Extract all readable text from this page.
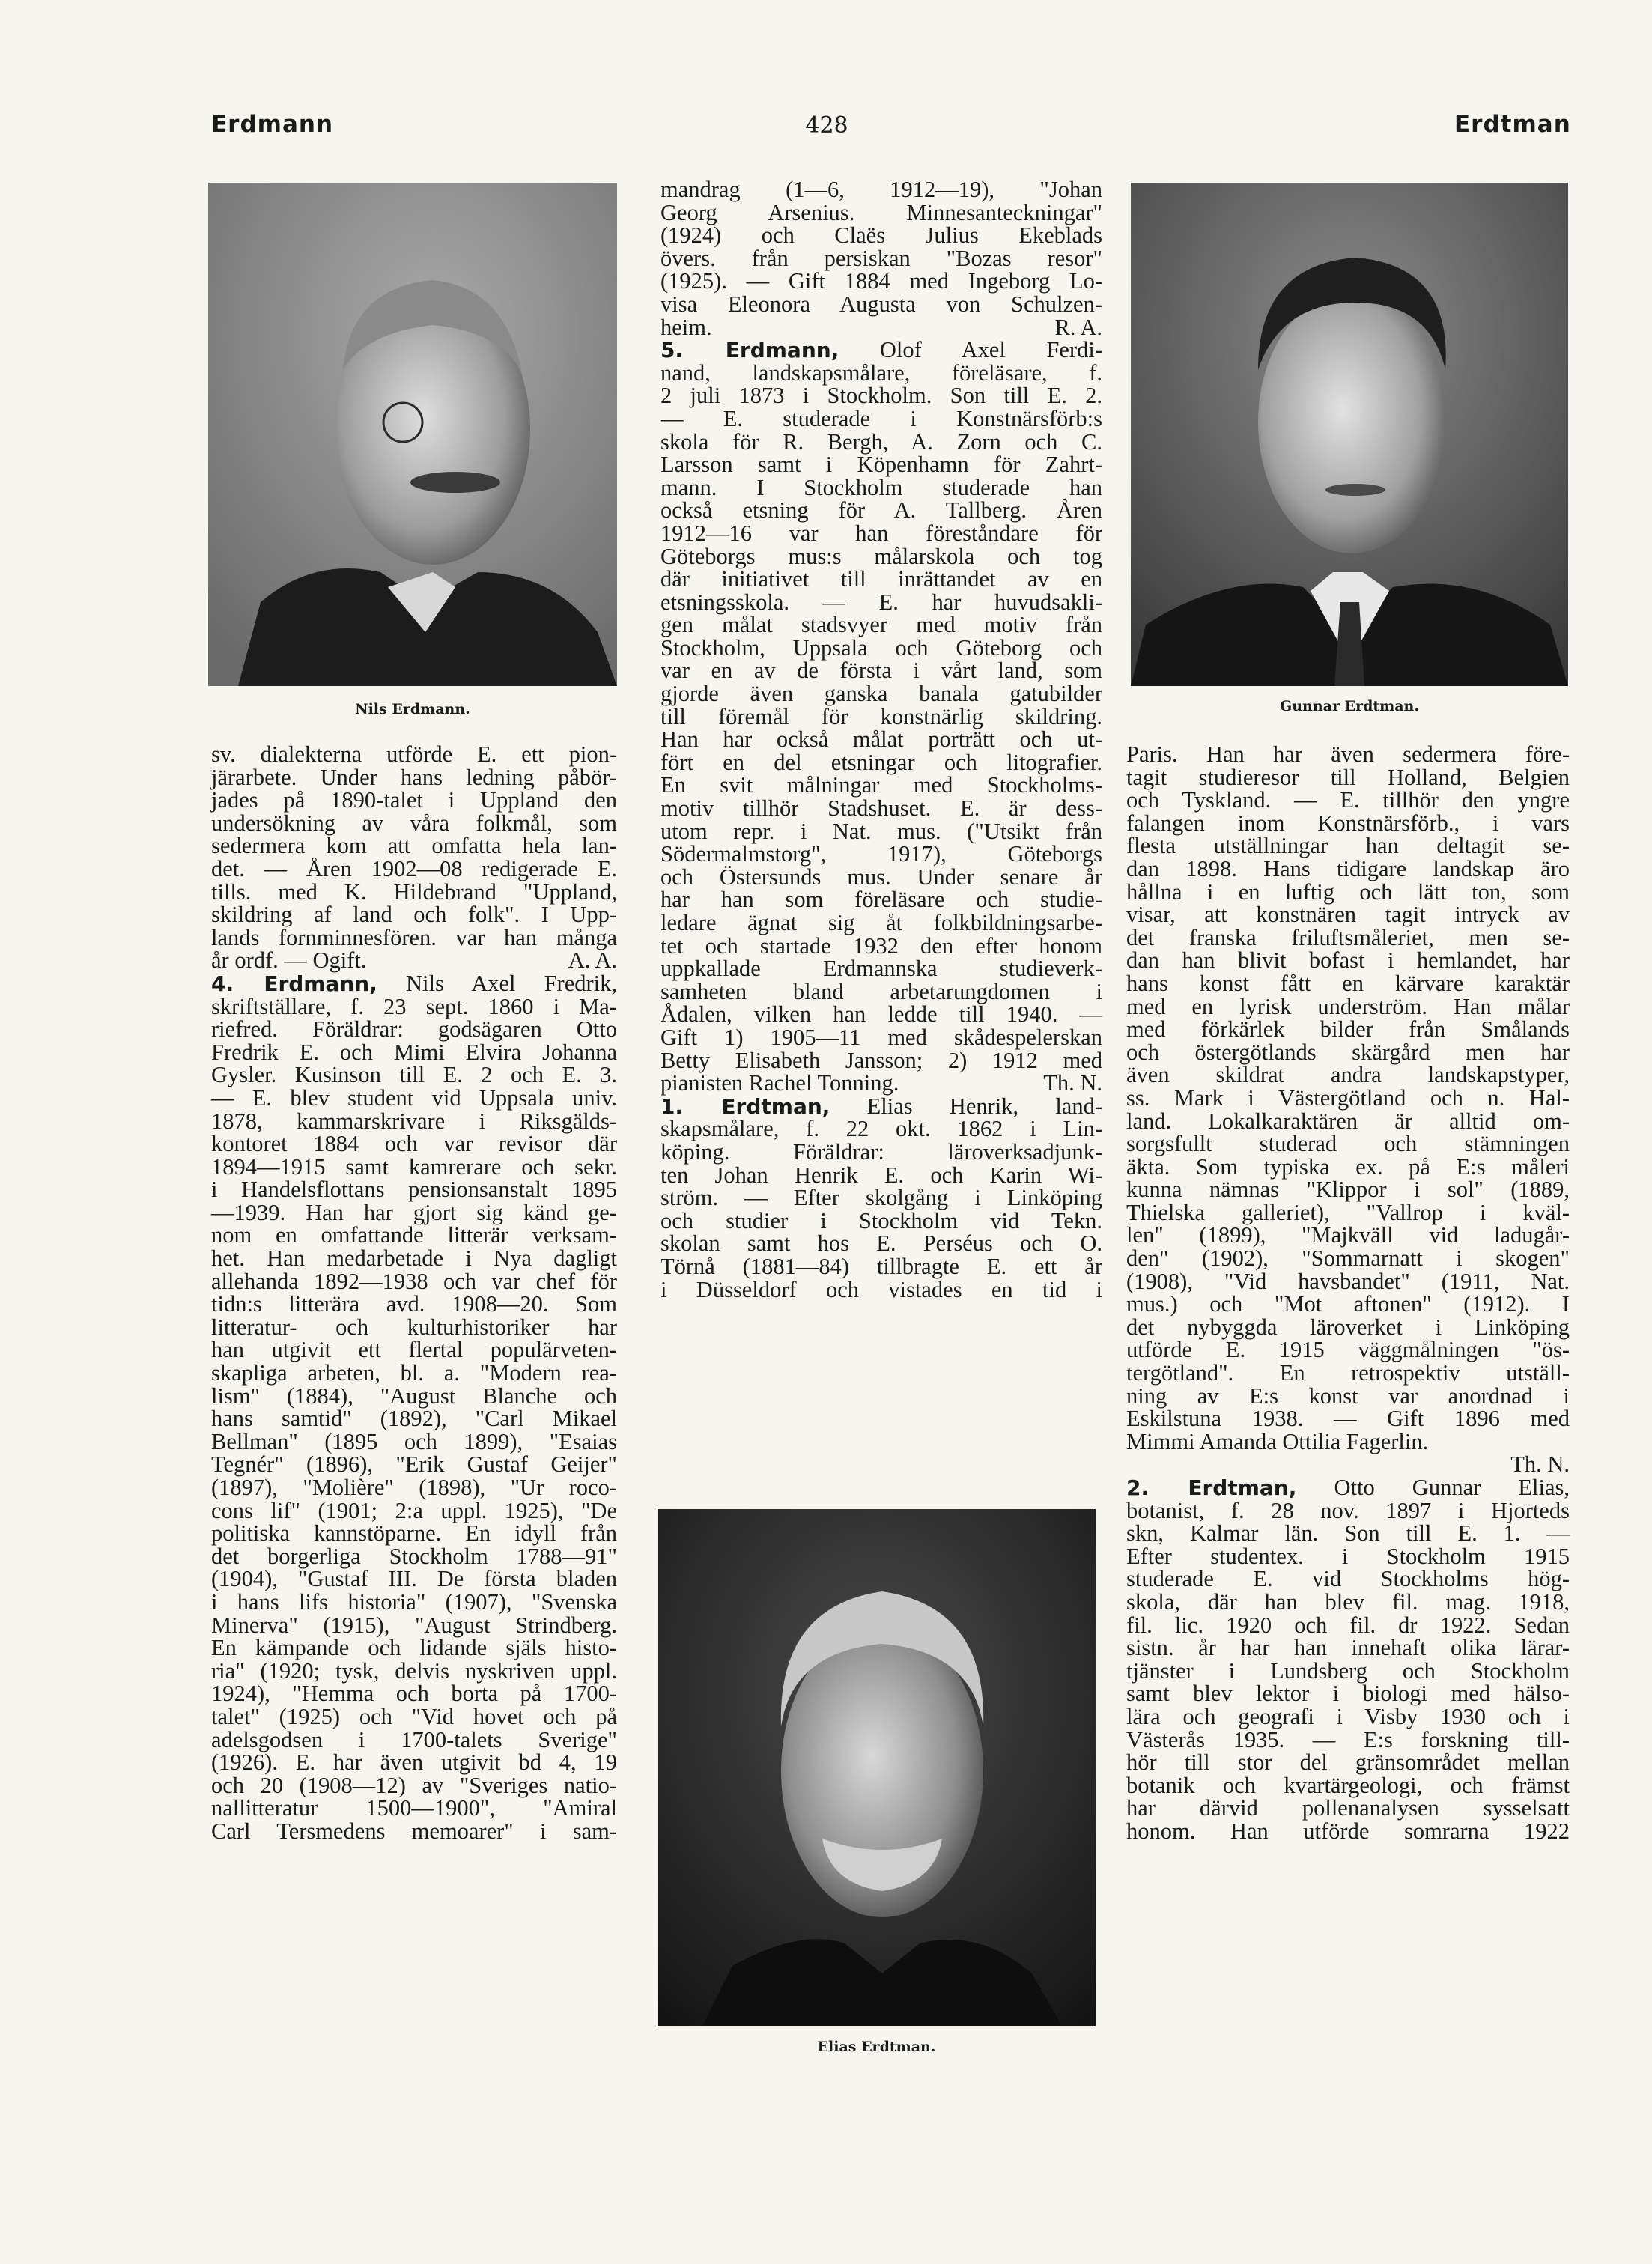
Erdmann	428	Erdtman
Nils Erdmann.	Gunnar Erdtman.
Elias Erdtman.
sv. dialekterna utförde E. ett pion-
järarbete. Under hans ledning påbör-
jades på 1890-talet i Uppland den
undersökning av våra folkmål, som
sedermera kom att omfatta hela lan-
det. — Åren 1902—08 redigerade E.
tills. med K. Hildebrand "Uppland,
skildring af land och folk". I Upp-
lands fornminnesfören. var han många
år ordf. — Ogift.	A. A.
4. Erdmann, Nils Axel Fredrik,
skriftställare, f. 23 sept. 1860 i Ma-
riefred. Föräldrar: godsägaren Otto
Fredrik E. och Mimi Elvira Johanna
Gysler. Kusinson till E. 2 och E. 3.
— E. blev student vid Uppsala univ.
1878, kammarskrivare i Riksgälds-
kontoret 1884 och var revisor där
1894—1915 samt kamrerare och sekr.
i Handelsflottans pensionsanstalt 1895
—1939. Han har gjort sig känd ge-
nom en omfattande litterär verksam-
het. Han medarbetade i Nya dagligt
allehanda 1892—1938 och var chef för
tidn:s litterära avd. 1908—20. Som
litteratur- och kulturhistoriker har
han utgivit ett flertal populärveten-
skapliga arbeten, bl. a. "Modern rea-
lism" (1884), "August Blanche och
hans samtid" (1892), "Carl Mikael
Bellman" (1895 och 1899), "Esaias
Tegnér" (1896), "Erik Gustaf Geijer"
(1897), "Molière" (1898), "Ur roco-
cons lif" (1901; 2:a uppl. 1925), "De
politiska kannstöparne. En idyll från
det borgerliga Stockholm 1788—91"
(1904), "Gustaf III. De första bladen
i hans lifs historia" (1907), "Svenska
Minerva" (1915), "August Strindberg.
En kämpande och lidande själs histo-
ria" (1920; tysk, delvis nyskriven uppl.
1924), "Hemma och borta på 1700-
talet" (1925) och "Vid hovet och på
adelsgodsen i 1700-talets Sverige"
(1926). E. har även utgivit bd 4, 19
och 20 (1908—12) av "Sveriges natio-
nallitteratur 1500—1900", "Amiral
Carl Tersmedens memoarer" i sam-
mandrag (1—6, 1912—19), "Johan
Georg Arsenius. Minnesanteckningar"
(1924) och Claës Julius Ekeblads
övers. från persiskan "Bozas resor"
(1925). — Gift 1884 med Ingeborg Lo-
visa Eleonora Augusta von Schulzen-
heim.	R. A.
5. Erdmann, Olof Axel Ferdi-
nand, landskapsmålare, föreläsare, f.
2 juli 1873 i Stockholm. Son till E. 2.
— E. studerade i Konstnärsförb:s
skola för R. Bergh, A. Zorn och C.
Larsson samt i Köpenhamn för Zahrt-
mann. I Stockholm studerade han
också etsning för A. Tallberg. Åren
1912—16 var han föreståndare för
Göteborgs mus:s målarskola och tog
där initiativet till inrättandet av en
etsningsskola. — E. har huvudsakli-
gen målat stadsvyer med motiv från
Stockholm, Uppsala och Göteborg och
var en av de första i vårt land, som
gjorde även ganska banala gatubilder
till föremål för konstnärlig skildring.
Han har också målat porträtt och ut-
fört en del etsningar och litografier.
En svit målningar med Stockholms-
motiv tillhör Stadshuset. E. är dess-
utom repr. i Nat. mus. ("Utsikt från
Södermalmstorg", 1917), Göteborgs
och Östersunds mus. Under senare år
har han som föreläsare och studie-
ledare ägnat sig åt folkbildningsarbe-
tet och startade 1932 den efter honom
uppkallade Erdmannska studieverk-
samheten bland arbetarungdomen i
Ådalen, vilken han ledde till 1940. —
Gift 1) 1905—11 med skådespelerskan
Betty Elisabeth Jansson; 2) 1912 med
pianisten Rachel Tonning.	Th. N.
1. Erdtman, Elias Henrik, land-
skapsmålare, f. 22 okt. 1862 i Lin-
köping. Föräldrar: läroverksadjunk-
ten Johan Henrik E. och Karin Wi-
ström. — Efter skolgång i Linköping
och studier i Stockholm vid Tekn.
skolan samt hos E. Perséus och O.
Törnå (1881—84) tillbragte E. ett år
i Düsseldorf och vistades en tid i
Paris. Han har även sedermera före-
tagit studieresor till Holland, Belgien
och Tyskland. — E. tillhör den yngre
falangen inom Konstnärsförb., i vars
flesta utställningar han deltagit se-
dan 1898. Hans tidigare landskap äro
hållna i en luftig och lätt ton, som
visar, att konstnären tagit intryck av
det franska friluftsmåleriet, men se-
dan han blivit bofast i hemlandet, har
hans konst fått en kärvare karaktär
med en lyrisk underström. Han målar
med förkärlek bilder från Smålands
och östergötlands skärgård men har
även skildrat andra landskapstyper,
ss. Mark i Västergötland och n. Hal-
land. Lokalkaraktären är alltid om-
sorgsfullt studerad och stämningen
äkta. Som typiska ex. på E:s måleri
kunna nämnas "Klippor i sol" (1889,
Thielska galleriet), "Vallrop i kväl-
len" (1899), "Majkväll vid ladugår-
den" (1902), "Sommarnatt i skogen"
(1908), "Vid havsbandet" (1911, Nat.
mus.) och "Mot aftonen" (1912). I
det nybyggda läroverket i Linköping
utförde E. 1915 väggmålningen "ös-
tergötland". En retrospektiv utställ-
ning av E:s konst var anordnad i
Eskilstuna 1938. — Gift 1896 med
Mimmi Amanda Ottilia Fagerlin.
Th. N.
2. Erdtman, Otto Gunnar Elias,
botanist, f. 28 nov. 1897 i Hjorteds
skn, Kalmar län. Son till E. 1. —
Efter studentex. i Stockholm 1915
studerade E. vid Stockholms hög-
skola, där han blev fil. mag. 1918,
fil. lic. 1920 och fil. dr 1922. Sedan
sistn. år har han innehaft olika lärar-
tjänster i Lundsberg och Stockholm
samt blev lektor i biologi med hälso-
lära och geografi i Visby 1930 och i
Västerås 1935. — E:s forskning till-
hör till stor del gränsområdet mellan
botanik och kvartärgeologi, och främst
har därvid pollenanalysen sysselsatt
honom. Han utförde somrarna 1922
